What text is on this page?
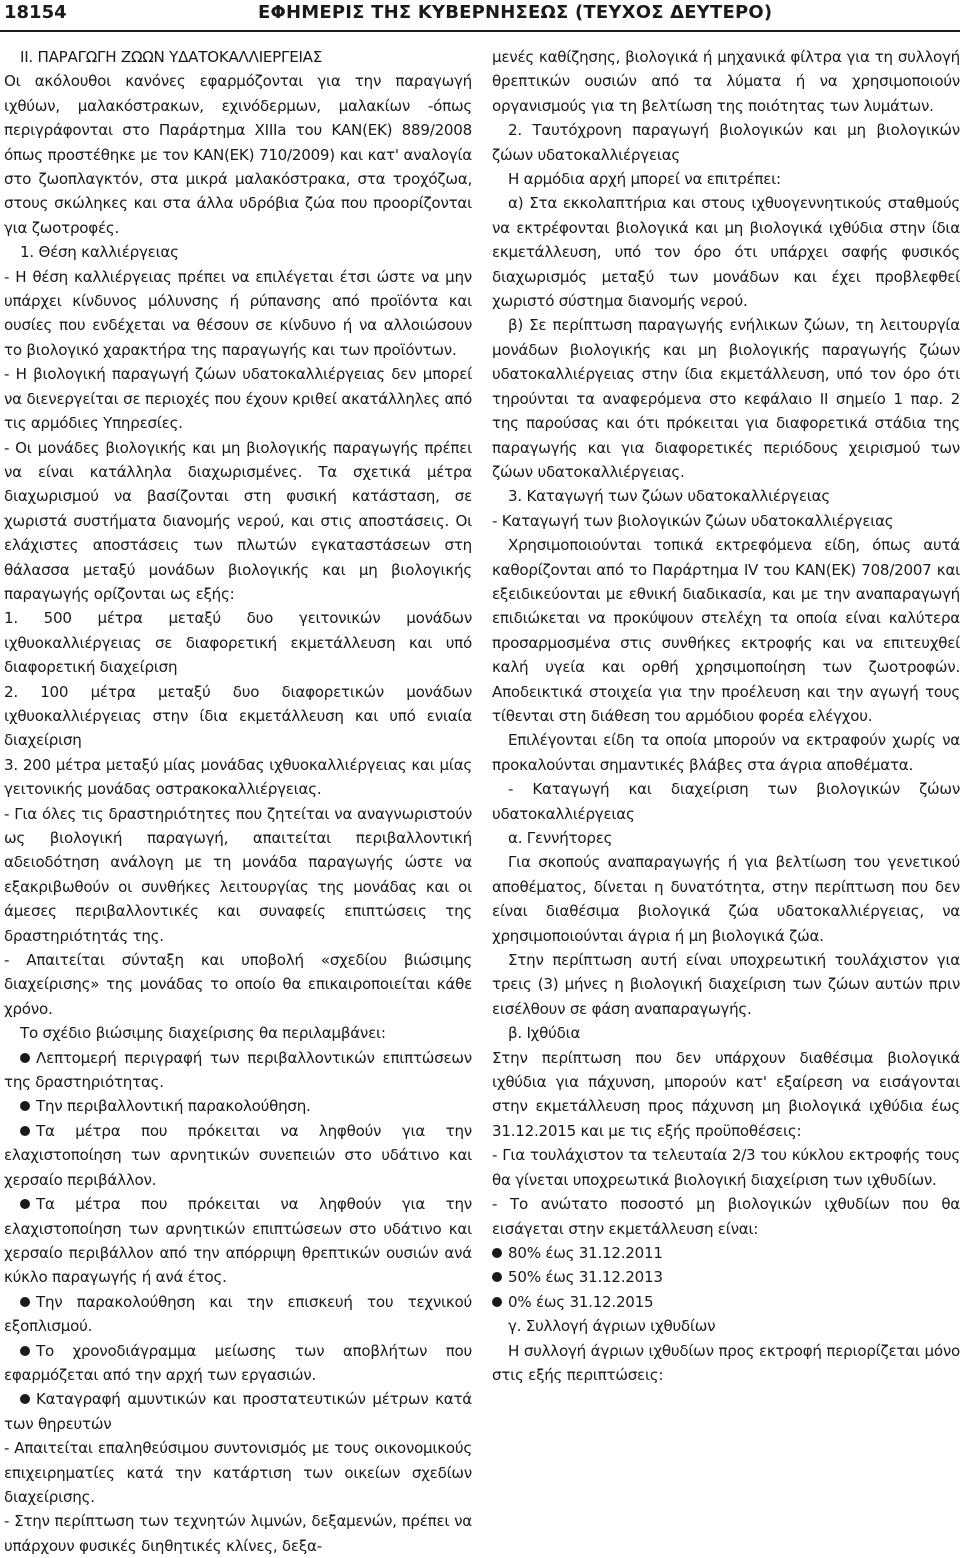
18154	ΕΦΗΜΕΡΙΣ ΤΗΣ ΚΥΒΕΡΝΗΣΕΩΣ (ΤΕΥΧΟΣ ΔΕΥΤΕΡΟ)

II. ΠΑΡΑΓΩΓΗ ΖΩΩΝ ΥΔΑΤΟΚΑΛΛΙΕΡΓΕΙΑΣ

Οι ακόλουθοι κανόνες εφαρμόζονται για την παραγωγή ιχθύων, μαλακόστρακων, εχινόδερμων, μαλακίων -όπως περιγράφονται στο Παράρτημα XIIIa του ΚΑΝ(ΕΚ) 889/2008 όπως προστέθηκε με τον ΚΑΝ(ΕΚ) 710/2009) και κατ' αναλογία στο ζωοπλαγκτόν, στα μικρά μαλακόστρακα, στα τροχόζωα, στους σκώληκες και στα άλλα υδρόβια ζώα που προορίζονται για ζωοτροφές.

1. Θέση καλλιέργειας

- Η θέση καλλιέργειας πρέπει να επιλέγεται έτσι ώστε να μην υπάρχει κίνδυνος μόλυνσης ή ρύπανσης από προϊόντα και ουσίες που ενδέχεται να θέσουν σε κίνδυνο ή να αλλοιώσουν το βιολογικό χαρακτήρα της παραγωγής και των προϊόντων.

- Η βιολογική παραγωγή ζώων υδατοκαλλιέργειας δεν μπορεί να διενεργείται σε περιοχές που έχουν κριθεί ακατάλληλες από τις αρμόδιες Υπηρεσίες.

- Οι μονάδες βιολογικής και μη βιολογικής παραγωγής πρέπει να είναι κατάλληλα διαχωρισμένες. Τα σχετικά μέτρα διαχωρισμού να βασίζονται στη φυσική κατάσταση, σε χωριστά συστήματα διανομής νερού, και στις αποστάσεις. Οι ελάχιστες αποστάσεις των πλωτών εγκαταστάσεων στη θάλασσα μεταξύ μονάδων βιολογικής και μη βιολογικής παραγωγής ορίζονται ως εξής:

1. 500 μέτρα μεταξύ δυο γειτονικών μονάδων ιχθυοκαλλιέργειας σε διαφορετική εκμετάλλευση και υπό διαφορετική διαχείριση

2. 100 μέτρα μεταξύ δυο διαφορετικών μονάδων ιχθυοκαλλιέργειας στην ίδια εκμετάλλευση και υπό ενιαία διαχείριση

3. 200 μέτρα μεταξύ μίας μονάδας ιχθυοκαλλιέργειας και μίας γειτονικής μονάδας οστρακοκαλλιέργειας.

- Για όλες τις δραστηριότητες που ζητείται να αναγνωριστούν ως βιολογική παραγωγή, απαιτείται περιβαλλοντική αδειοδότηση ανάλογη με τη μονάδα παραγωγής ώστε να εξακριβωθούν οι συνθήκες λειτουργίας της μονάδας και οι άμεσες περιβαλλοντικές και συναφείς επιπτώσεις της δραστηριότητάς της.

- Απαιτείται σύνταξη και υποβολή «σχεδίου βιώσιμης διαχείρισης» της μονάδας το οποίο θα επικαιροποιείται κάθε χρόνο.

Το σχέδιο βιώσιμης διαχείρισης θα περιλαμβάνει:

Λεπτομερή περιγραφή των περιβαλλοντικών επιπτώσεων της δραστηριότητας.

Την περιβαλλοντική παρακολούθηση.

Τα μέτρα που πρόκειται να ληφθούν για την ελαχιστοποίηση των αρνητικών συνεπειών στο υδάτινο και χερσαίο περιβάλλον.

Τα μέτρα που πρόκειται να ληφθούν για την ελαχιστοποίηση των αρνητικών επιπτώσεων στο υδάτινο και χερσαίο περιβάλλον από την απόρριψη θρεπτικών ουσιών ανά κύκλο παραγωγής ή ανά έτος.

Την παρακολούθηση και την επισκευή του τεχνικού εξοπλισμού.

Το χρονοδιάγραμμα μείωσης των αποβλήτων που εφαρμόζεται από την αρχή των εργασιών.

Καταγραφή αμυντικών και προστατευτικών μέτρων κατά των θηρευτών

- Απαιτείται επαληθεύσιμου συντονισμός με τους οικονομικούς επιχειρηματίες κατά την κατάρτιση των οικείων σχεδίων διαχείρισης.

- Στην περίπτωση των τεχνητών λιμνών, δεξαμενών, πρέπει να υπάρχουν φυσικές διηθητικές κλίνες, δεξα-

μενές καθίζησης, βιολογικά ή μηχανικά φίλτρα για τη συλλογή θρεπτικών ουσιών από τα λύματα ή να χρησιμοποιούν οργανισμούς για τη βελτίωση της ποιότητας των λυμάτων.

2. Ταυτόχρονη παραγωγή βιολογικών και μη βιολογικών ζώων υδατοκαλλιέργειας

Η αρμόδια αρχή μπορεί να επιτρέπει:

α) Στα εκκολαπτήρια και στους ιχθυογεννητικούς σταθμούς να εκτρέφονται βιολογικά και μη βιολογικά ιχθύδια στην ίδια εκμετάλλευση, υπό τον όρο ότι υπάρχει σαφής φυσικός διαχωρισμός μεταξύ των μονάδων και έχει προβλεφθεί χωριστό σύστημα διανομής νερού.

β) Σε περίπτωση παραγωγής ενήλικων ζώων, τη λειτουργία μονάδων βιολογικής και μη βιολογικής παραγωγής ζώων υδατοκαλλιέργειας στην ίδια εκμετάλλευση, υπό τον όρο ότι τηρούνται τα αναφερόμενα στο κεφάλαιο ΙΙ σημείο 1 παρ. 2 της παρούσας και ότι πρόκειται για διαφορετικά στάδια της παραγωγής και για διαφορετικές περιόδους χειρισμού των ζώων υδατοκαλλιέργειας.

3. Καταγωγή των ζώων υδατοκαλλιέργειας

- Καταγωγή των βιολογικών ζώων υδατοκαλλιέργειας

Χρησιμοποιούνται τοπικά εκτρεφόμενα είδη, όπως αυτά καθορίζονται από το Παράρτημα IV του ΚΑΝ(ΕΚ) 708/2007 και εξειδικεύονται με εθνική διαδικασία, και με την αναπαραγωγή επιδιώκεται να προκύψουν στελέχη τα οποία είναι καλύτερα προσαρμοσμένα στις συνθήκες εκτροφής και να επιτευχθεί καλή υγεία και ορθή χρησιμοποίηση των ζωοτροφών. Αποδεικτικά στοιχεία για την προέλευση και την αγωγή τους τίθενται στη διάθεση του αρμόδιου φορέα ελέγχου.

Επιλέγονται είδη τα οποία μπορούν να εκτραφούν χωρίς να προκαλούνται σημαντικές βλάβες στα άγρια αποθέματα.

- Καταγωγή και διαχείριση των βιολογικών ζώων υδατοκαλλιέργειας

α. Γεννήτορες

Για σκοπούς αναπαραγωγής ή για βελτίωση του γενετικού αποθέματος, δίνεται η δυνατότητα, στην περίπτωση που δεν είναι διαθέσιμα βιολογικά ζώα υδατοκαλλιέργειας, να χρησιμοποιούνται άγρια ή μη βιολογικά ζώα.

Στην περίπτωση αυτή είναι υποχρεωτική τουλάχιστον για τρεις (3) μήνες η βιολογική διαχείριση των ζώων αυτών πριν εισέλθουν σε φάση αναπαραγωγής.

β. Ιχθύδια

Στην περίπτωση που δεν υπάρχουν διαθέσιμα βιολογικά ιχθύδια για πάχυνση, μπορούν κατ' εξαίρεση να εισάγονται στην εκμετάλλευση προς πάχυνση μη βιολογικά ιχθύδια έως 31.12.2015 και με τις εξής προϋποθέσεις:

- Για τουλάχιστον τα τελευταία 2/3 του κύκλου εκτροφής τους θα γίνεται υποχρεωτικά βιολογική διαχείριση των ιχθυδίων.

- Το ανώτατο ποσοστό μη βιολογικών ιχθυδίων που θα εισάγεται στην εκμετάλλευση είναι:

80% έως 31.12.2011

50% έως 31.12.2013

0% έως 31.12.2015

γ. Συλλογή άγριων ιχθυδίων

Η συλλογή άγριων ιχθυδίων προς εκτροφή περιορίζεται μόνο στις εξής περιπτώσεις:
